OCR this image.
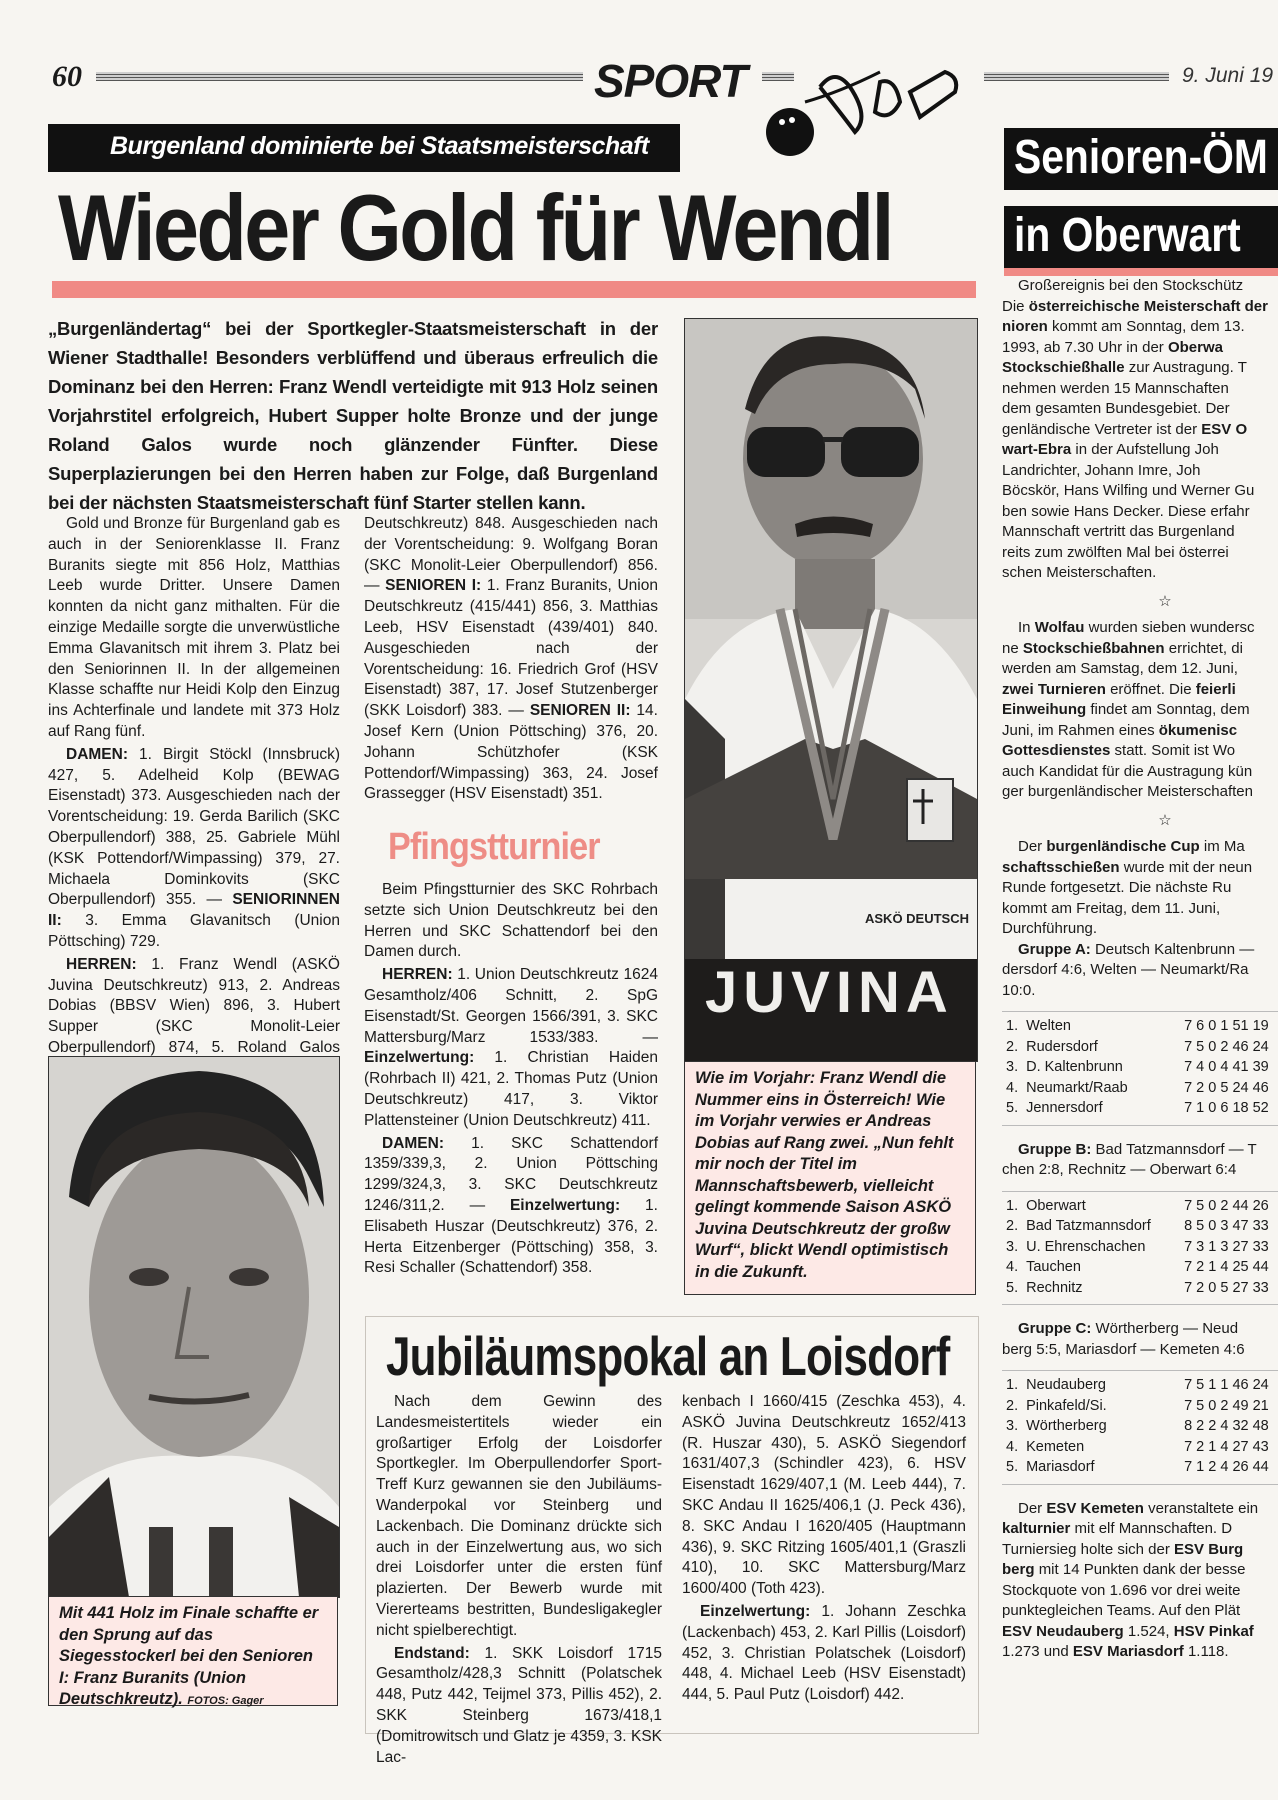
60	SPORT	9. Juni 19
Burgenland dominierte bei Staatsmeisterschaft
Wieder Gold für Wendl
„Burgenländertag“ bei der Sportkegler-Staatsmeisterschaft in der Wiener Stadthalle! Besonders verblüffend und überaus erfreulich die Dominanz bei den Herren: Franz Wendl verteidigte mit 913 Holz seinen Vorjahrstitel erfolgreich, Hubert Supper holte Bronze und der junge Roland Galos wurde noch glänzender Fünfter. Diese Superplazierungen bei den Herren haben zur Folge, daß Burgenland bei der nächsten Staatsmeisterschaft fünf Starter stellen kann.

Gold und Bronze für Burgenland gab es auch in der Seniorenklasse II. Franz Buranits siegte mit 856 Holz, Matthias Leeb wurde Dritter. Unsere Damen konnten da nicht ganz mithalten. Für die einzige Medaille sorgte die unverwüstliche Emma Glavanitsch mit ihrem 3. Platz bei den Seniorinnen II. In der allgemeinen Klasse schaffte nur Heidi Kolp den Einzug ins Achterfinale und landete mit 373 Holz auf Rang fünf.

DAMEN: 1. Birgit Stöckl (Innsbruck) 427, 5. Adelheid Kolp (BEWAG Eisenstadt) 373. Ausgeschieden nach der Vorentscheidung: 19. Gerda Barilich (SKC Oberpullendorf) 388, 25. Gabriele Mühl (KSK Pottendorf/Wimpassing) 379, 27. Michaela Dominkovits (SKC Oberpullendorf) 355. — SENIORINNEN II: 3. Emma Glavanitsch (Union Pöttsching) 729.

HERREN: 1. Franz Wendl (ASKÖ Juvina Deutschkreutz) 913, 2. Andreas Dobias (BBSV Wien) 896, 3. Hubert Supper (SKC Monolit-Leier Oberpullendorf) 874, 5. Roland Galos

Deutschkreutz) 848. Ausgeschieden nach der Vorentscheidung: 9. Wolfgang Boran (SKC Monolit-Leier Oberpullendorf) 856. — SENIOREN I: 1. Franz Buranits, Union Deutschkreutz (415/441) 856, 3. Matthias Leeb, HSV Eisenstadt (439/401) 840. Ausgeschieden nach der Vorentscheidung: 16. Friedrich Grof (HSV Eisenstadt) 387, 17. Josef Stutzenberger (SKK Loisdorf) 383. — SENIOREN II: 14. Josef Kern (Union Pöttsching) 376, 20. Johann Schützhofer (KSK Pottendorf/Wimpassing) 363, 24. Josef Grassegger (HSV Eisenstadt) 351.

Pfingstturnier

Beim Pfingstturnier des SKC Rohrbach setzte sich Union Deutschkreutz bei den Herren und SKC Schattendorf bei den Damen durch.

HERREN: 1. Union Deutschkreutz 1624 Gesamtholz/406 Schnitt, 2. SpG Eisenstadt/St. Georgen 1566/391, 3. SKC Mattersburg/Marz 1533/383. — Einzelwertung: 1. Christian Haiden (Rohrbach II) 421, 2. Thomas Putz (Union Deutschkreutz) 417, 3. Viktor Plattensteiner (Union Deutschkreutz) 411.

DAMEN: 1. SKC Schattendorf 1359/339,3, 2. Union Pöttsching 1299/324,3, 3. SKC Deutschkreutz 1246/311,2. — Einzelwertung: 1. Elisabeth Huszar (Deutschkreutz) 376, 2. Herta Eitzenberger (Pöttsching) 358, 3. Resi Schaller (Schattendorf) 358.

ASKÖ DEUTSCH
JUVINA
Wie im Vorjahr: Franz Wendl die Nummer eins in Österreich! Wie im Vorjahr verwies er Andreas Dobias auf Rang zwei. „Nun fehlt mir noch der Titel im Mannschaftsbewerb, vielleicht gelingt kommende Saison ASKÖ Juvina Deutschkreutz der großw Wurf“, blickt Wendl optimistisch in die Zukunft.
Mit 441 Holz im Finale schaffte er den Sprung auf das Siegesstockerl bei den Senioren I: Franz Buranits (Union Deutschkreutz). FOTOS: Gager
Jubiläumspokal an Loisdorf

Nach dem Gewinn des Landesmeistertitels wieder ein großartiger Erfolg der Loisdorfer Sportkegler. Im Oberpullendorfer Sport-Treff Kurz gewannen sie den Jubiläums-Wanderpokal vor Steinberg und Lackenbach. Die Dominanz drückte sich auch in der Einzelwertung aus, wo sich drei Loisdorfer unter die ersten fünf plazierten. Der Bewerb wurde mit Viererteams bestritten, Bundesligakegler nicht spielberechtigt.

Endstand: 1. SKK Loisdorf 1715 Gesamtholz/428,3 Schnitt (Polatschek 448, Putz 442, Teijmel 373, Pillis 452), 2. SKK Steinberg 1673/418,1 (Domitrowitsch und Glatz je 4359, 3. KSK Lac-

kenbach I 1660/415 (Zeschka 453), 4. ASKÖ Juvina Deutschkreutz 1652/413 (R. Huszar 430), 5. ASKÖ Siegendorf 1631/407,3 (Schindler 423), 6. HSV Eisenstadt 1629/407,1 (M. Leeb 444), 7. SKC Andau II 1625/406,1 (J. Peck 436), 8. SKC Andau I 1620/405 (Hauptmann 436), 9. SKC Ritzing 1605/401,1 (Graszli 410), 10. SKC Mattersburg/Marz 1600/400 (Toth 423).

Einzelwertung: 1. Johann Zeschka (Lackenbach) 453, 2. Karl Pillis (Loisdorf) 452, 3. Christian Polatschek (Loisdorf) 448, 4. Michael Leeb (HSV Eisenstadt) 444, 5. Paul Putz (Loisdorf) 442.

Senioren-ÖM
in Oberwart
Großereignis bei den Stockschütz
Die österreichische Meisterschaft der
nioren kommt am Sonntag, dem 13.
1993, ab 7.30 Uhr in der Oberwa
Stockschießhalle zur Austragung. T
nehmen werden 15 Mannschaften
dem gesamten Bundesgebiet. Der
genländische Vertreter ist der ESV O
wart-Ebra in der Aufstellung Joh
Landrichter, Johann Imre, Joh
Böcskör, Hans Wilfing und Werner Gu
ben sowie Hans Decker. Diese erfahr
Mannschaft vertritt das Burgenland
reits zum zwölften Mal bei österrei
schen Meisterschaften.
☆
In Wolfau wurden sieben wundersc
ne Stockschießbahnen errichtet, di
werden am Samstag, dem 12. Juni,
zwei Turnieren eröffnet. Die feierli
Einweihung findet am Sonntag, dem
Juni, im Rahmen eines ökumenisc
Gottesdienstes statt. Somit ist Wo
auch Kandidat für die Austragung kün
ger burgenländischer Meisterschaften
☆
Der burgenländische Cup im Ma
schaftsschießen wurde mit der neun
Runde fortgesetzt. Die nächste Ru
kommt am Freitag, dem 11. Juni,
Durchführung.
Gruppe A: Deutsch Kaltenbrunn —
dersdorf 4:6, Welten — Neumarkt/Ra
10:0.
1.	Welten	7 6 0 1 51 19
2.	Rudersdorf	7 5 0 2 46 24
3.	D. Kaltenbrunn	7 4 0 4 41 39
4.	Neumarkt/Raab	7 2 0 5 24 46
5.	Jennersdorf	7 1 0 6 18 52
Gruppe B: Bad Tatzmannsdorf — T
chen 2:8, Rechnitz — Oberwart 6:4
1.	Oberwart	7 5 0 2 44 26
2.	Bad Tatzmannsdorf	8 5 0 3 47 33
3.	U. Ehrenschachen	7 3 1 3 27 33
4.	Tauchen	7 2 1 4 25 44
5.	Rechnitz	7 2 0 5 27 33
Gruppe C: Wörtherberg — Neud
berg 5:5, Mariasdorf — Kemeten 4:6
1.	Neudauberg	7 5 1 1 46 24
2.	Pinkafeld/Si.	7 5 0 2 49 21
3.	Wörtherberg	8 2 2 4 32 48
4.	Kemeten	7 2 1 4 27 43
5.	Mariasdorf	7 1 2 4 26 44
Der ESV Kemeten veranstaltete ein
kalturnier mit elf Mannschaften. D
Turniersieg holte sich der ESV Burg
berg mit 14 Punkten dank der besse
Stockquote von 1.696 vor drei weite
punktegleichen Teams. Auf den Plät
ESV Neudauberg 1.524, HSV Pinkaf
1.273 und ESV Mariasdorf 1.118.
